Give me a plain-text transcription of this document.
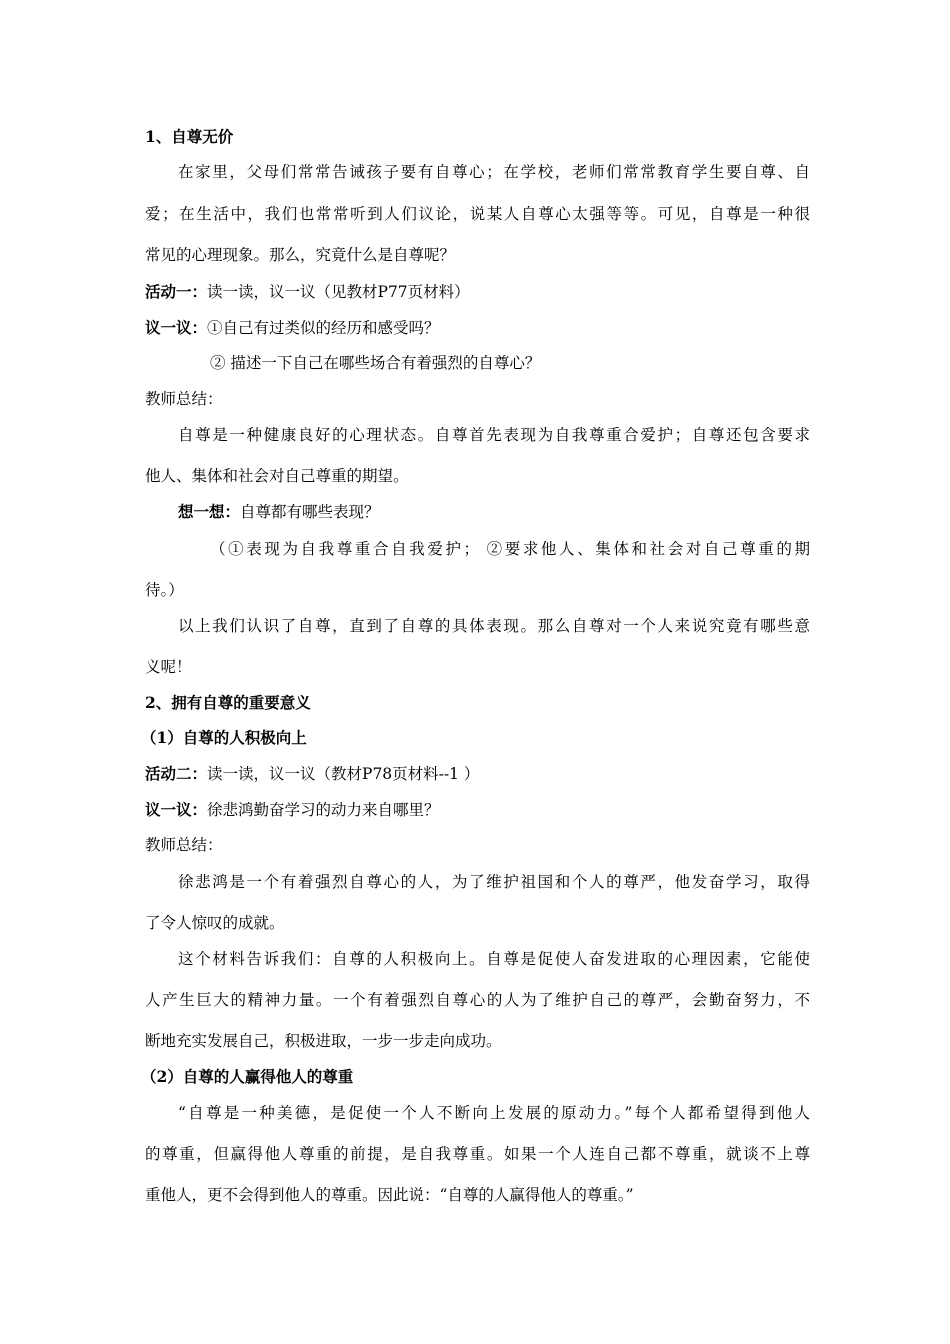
1、自尊无价
在家里，父母们常常告诫孩子要有自尊心；在学校，老师们常常教育学生要自尊、自
爱；在生活中，我们也常常听到人们议论，说某人自尊心太强等等。可见，自尊是一种很
常见的心理现象。那么，究竟什么是自尊呢？
活动一：读一读，议一议（见教材P77页材料）
议一议：①自己有过类似的经历和感受吗？
② 描述一下自己在哪些场合有着强烈的自尊心？
教师总结：
自尊是一种健康良好的心理状态。自尊首先表现为自我尊重合爱护；自尊还包含要求
他人、集体和社会对自己尊重的期望。
想一想：自尊都有哪些表现？
（①表现为自我尊重合自我爱护； ②要求他人、集体和社会对自己尊重的期
待。）
以上我们认识了自尊，直到了自尊的具体表现。那么自尊对一个人来说究竟有哪些意
义呢！
2、拥有自尊的重要意义
（1）自尊的人积极向上
活动二：读一读，议一议（教材P78页材料--1 ）
议一议：徐悲鸿勤奋学习的动力来自哪里？
教师总结：
徐悲鸿是一个有着强烈自尊心的人，为了维护祖国和个人的尊严，他发奋学习，取得
了令人惊叹的成就。
这个材料告诉我们：自尊的人积极向上。自尊是促使人奋发进取的心理因素，它能使
人产生巨大的精神力量。一个有着强烈自尊心的人为了维护自己的尊严，会勤奋努力，不
断地充实发展自己，积极进取，一步一步走向成功。
（2）自尊的人赢得他人的尊重
“自尊是一种美德，是促使一个人不断向上发展的原动力。”每个人都希望得到他人
的尊重，但赢得他人尊重的前提，是自我尊重。如果一个人连自己都不尊重，就谈不上尊
重他人，更不会得到他人的尊重。因此说：“自尊的人赢得他人的尊重。”
